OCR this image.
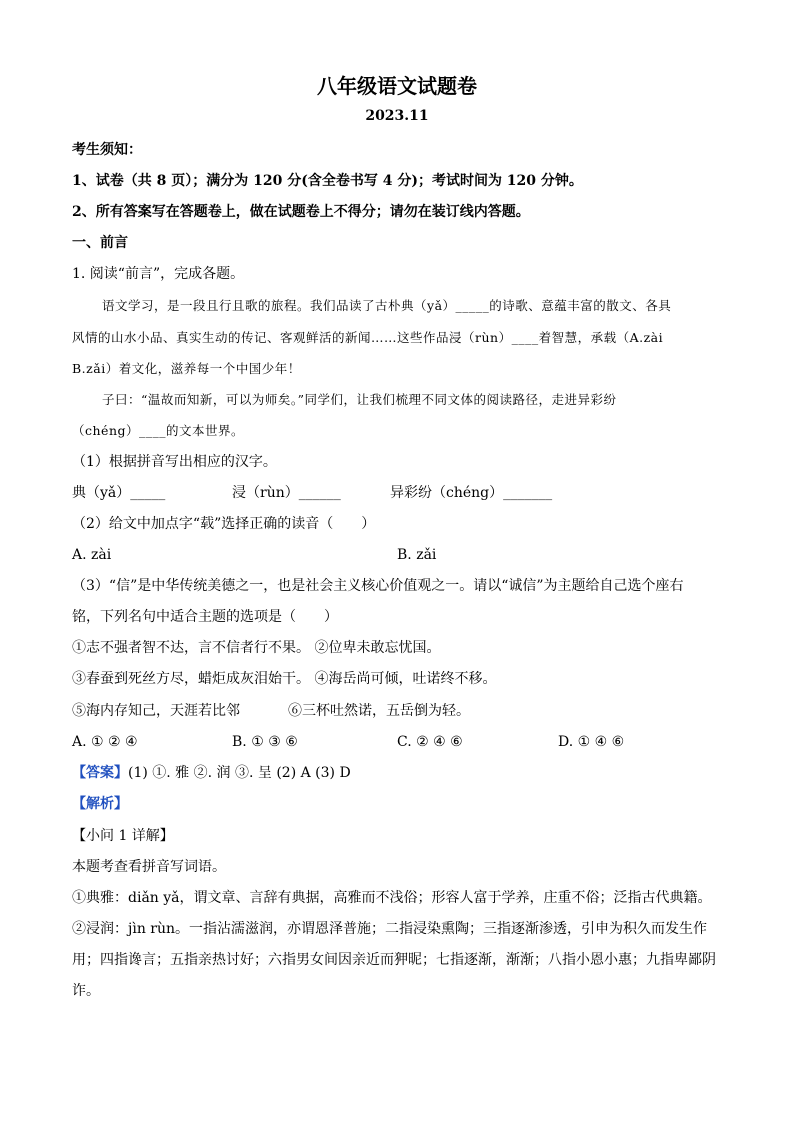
八年级语文试题卷
2023.11
考生须知：
1、试卷（共 8 页）；满分为 120 分(含全卷书写 4 分)；考试时间为 120 分钟。
2、所有答案写在答题卷上，做在试题卷上不得分；请勿在装订线内答题。
一、前言
1. 阅读“前言”，完成各题。
语文学习，是一段且行且歌的旅程。我们品读了古朴典（yǎ）_____的诗歌、意蕴丰富的散文、各具
风情的山水小品、真实生动的传记、客观鲜活的新闻……这些作品浸（rùn）____着智慧，承载（A.zài
B.zǎi）着文化，滋养每一个中国少年！
子曰：“温故而知新，可以为师矣。”同学们，让我们梳理不同文体的阅读路径，走进异彩纷
（chéng）____的文本世界。
（1）根据拼音写出相应的汉字。
典（yǎ）_____	浸（rùn）______	异彩纷（chéng）_______
（2）给文中加点字“载”选择正确的读音（　　）
A. zài	B. zǎi
（3）“信”是中华传统美德之一，也是社会主义核心价值观之一。请以“诚信”为主题给自己选个座右
铭，下列名句中适合主题的选项是（　　）
①志不强者智不达，言不信者行不果。 ②位卑未敢忘忧国。
③春蚕到死丝方尽，蜡炬成灰泪始干。 ④海岳尚可倾，吐诺终不移。
⑤海内存知己，天涯若比邻	⑥三杯吐然诺，五岳倒为轻。
A. ① ② ④	B. ① ③ ⑥	C. ② ④ ⑥	D. ① ④ ⑥
【答案】(1) ①. 雅 ②. 润 ③. 呈 (2) A (3) D
【解析】
【小问 1 详解】
本题考查看拼音写词语。
①典雅：diǎn yǎ，谓文章、言辞有典据，高雅而不浅俗；形容人富于学养，庄重不俗；泛指古代典籍。
②浸润：jìn rùn。一指沾濡滋润，亦谓恩泽普施；二指浸染熏陶；三指逐渐渗透，引申为积久而发生作
用；四指谗言；五指亲热讨好；六指男女间因亲近而狎昵；七指逐渐，渐渐；八指小恩小惠；九指卑鄙阴
诈。
